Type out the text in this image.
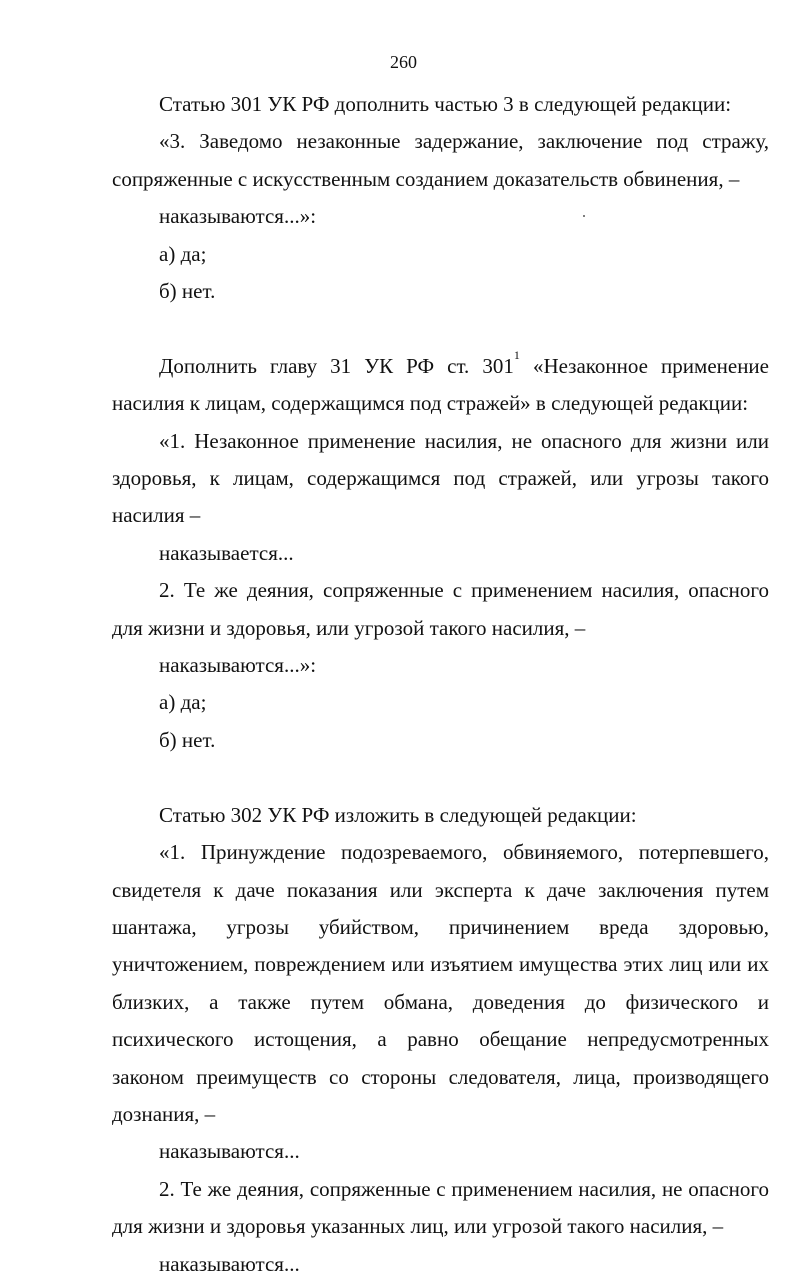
260

Статью 301 УК РФ дополнить частью 3 в следующей редакции:

«3. Заведомо незаконные задержание, заключение под стражу, сопряженные с искусственным созданием доказательств обвинения, –

наказываются...»:

а) да;

б) нет.

Дополнить главу 31 УК РФ ст. $301^1$ «Незаконное применение насилия к лицам, содержащимся под стражей» в следующей редакции:

«1. Незаконное применение насилия, не опасного для жизни или здоровья, к лицам, содержащимся под стражей, или угрозы такого насилия –

наказывается...

2. Те же деяния, сопряженные с применением насилия, опасного для жизни и здоровья, или угрозой такого насилия, –

наказываются...»:

а) да;

б) нет.

Статью 302 УК РФ изложить в следующей редакции:

«1. Принуждение подозреваемого, обвиняемого, потерпевшего, свидетеля к даче показания или эксперта к даче заключения путем шантажа, угрозы убийством, причинением вреда здоровью, уничтожением, повреждением или изъятием имущества этих лиц или их близких, а также путем обмана, доведения до физического и психического истощения, а равно обещание непредусмотренных законом преимуществ со стороны следователя, лица, производящего дознания, –

наказываются...

2. Те же деяния, сопряженные с применением насилия, не опасного для жизни и здоровья указанных лиц, или угрозой такого насилия, –

наказываются...
